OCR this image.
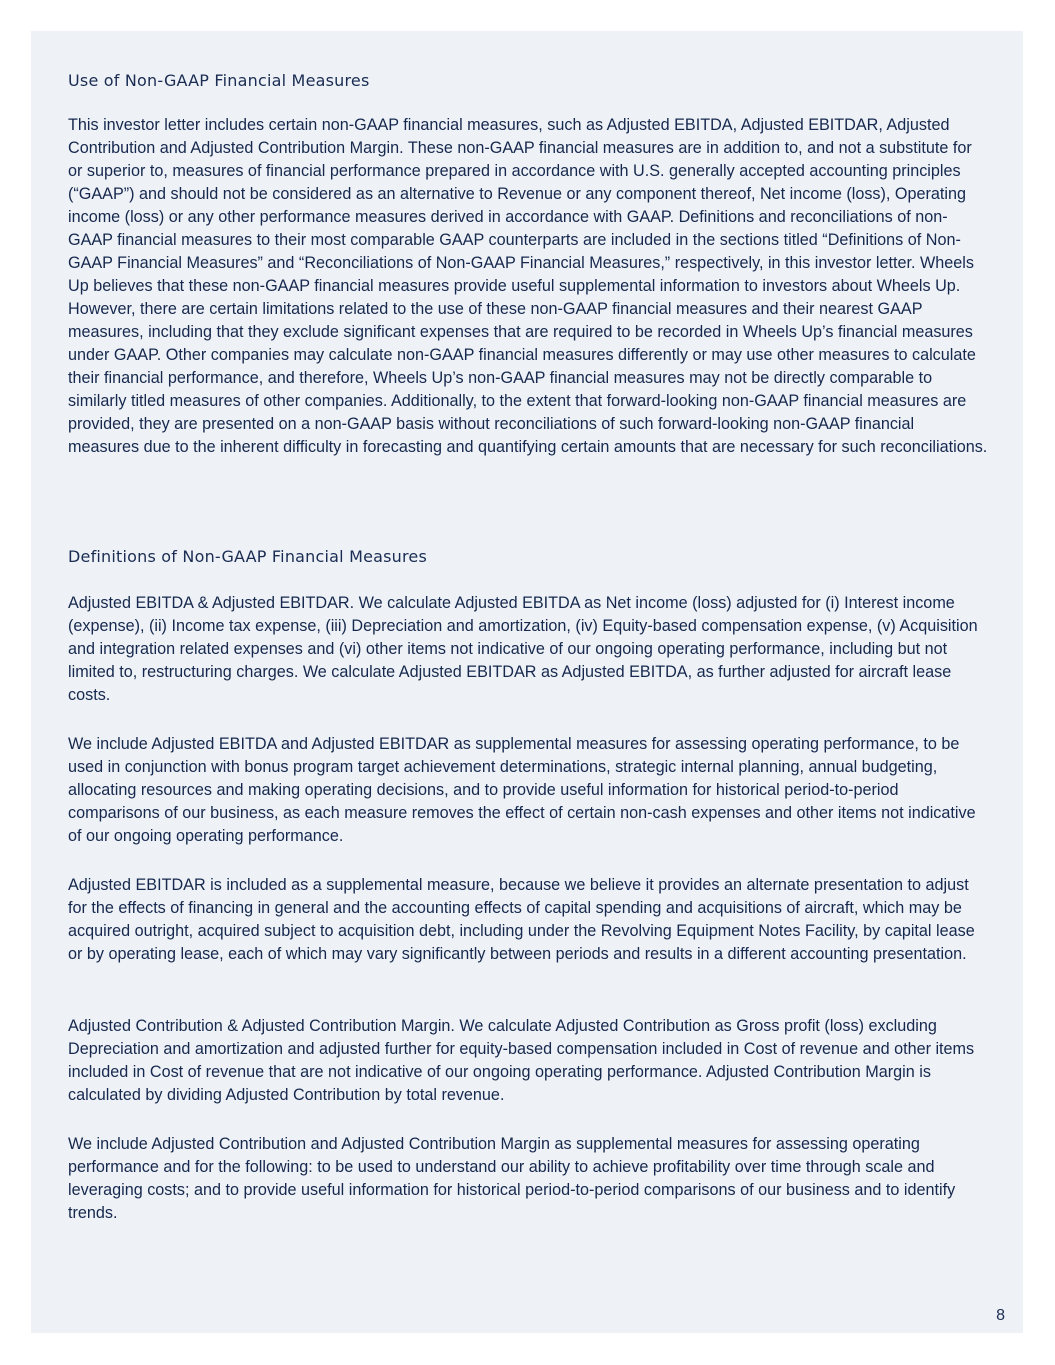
Use of Non-GAAP Financial Measures

This investor letter includes certain non-GAAP financial measures, such as Adjusted EBITDA, Adjusted EBITDAR, Adjusted Contribution and Adjusted Contribution Margin. These non-GAAP financial measures are in addition to, and not a substitute for or superior to, measures of financial performance prepared in accordance with U.S. generally accepted accounting principles (“GAAP”) and should not be considered as an alternative to Revenue or any component thereof, Net income (loss), Operating income (loss) or any other performance measures derived in accordance with GAAP. Definitions and reconciliations of non-GAAP financial measures to their most comparable GAAP counterparts are included in the sections titled “Definitions of Non-GAAP Financial Measures” and “Reconciliations of Non-GAAP Financial Measures,” respectively, in this investor letter. Wheels Up believes that these non-GAAP financial measures provide useful supplemental information to investors about Wheels Up. However, there are certain limitations related to the use of these non-GAAP financial measures and their nearest GAAP measures, including that they exclude significant expenses that are required to be recorded in Wheels Up’s financial measures under GAAP. Other companies may calculate non-GAAP financial measures differently or may use other measures to calculate their financial performance, and therefore, Wheels Up’s non-GAAP financial measures may not be directly comparable to similarly titled measures of other companies. Additionally, to the extent that forward-looking non-GAAP financial measures are provided, they are presented on a non-GAAP basis without reconciliations of such forward-looking non-GAAP financial measures due to the inherent difficulty in forecasting and quantifying certain amounts that are necessary for such reconciliations.

Definitions of Non-GAAP Financial Measures

Adjusted EBITDA & Adjusted EBITDAR. We calculate Adjusted EBITDA as Net income (loss) adjusted for (i) Interest income (expense), (ii) Income tax expense, (iii) Depreciation and amortization, (iv) Equity-based compensation expense, (v) Acquisition and integration related expenses and (vi) other items not indicative of our ongoing operating performance, including but not limited to, restructuring charges. We calculate Adjusted EBITDAR as Adjusted EBITDA, as further adjusted for aircraft lease costs.

We include Adjusted EBITDA and Adjusted EBITDAR as supplemental measures for assessing operating performance, to be used in conjunction with bonus program target achievement determinations, strategic internal planning, annual budgeting, allocating resources and making operating decisions, and to provide useful information for historical period-to-period comparisons of our business, as each measure removes the effect of certain non-cash expenses and other items not indicative of our ongoing operating performance.

Adjusted EBITDAR is included as a supplemental measure, because we believe it provides an alternate presentation to adjust for the effects of financing in general and the accounting effects of capital spending and acquisitions of aircraft, which may be acquired outright, acquired subject to acquisition debt, including under the Revolving Equipment Notes Facility, by capital lease or by operating lease, each of which may vary significantly between periods and results in a different accounting presentation.

Adjusted Contribution & Adjusted Contribution Margin. We calculate Adjusted Contribution as Gross profit (loss) excluding Depreciation and amortization and adjusted further for equity-based compensation included in Cost of revenue and other items included in Cost of revenue that are not indicative of our ongoing operating performance. Adjusted Contribution Margin is calculated by dividing Adjusted Contribution by total revenue.

We include Adjusted Contribution and Adjusted Contribution Margin as supplemental measures for assessing operating performance and for the following: to be used to understand our ability to achieve profitability over time through scale and leveraging costs; and to provide useful information for historical period-to-period comparisons of our business and to identify trends.

8
